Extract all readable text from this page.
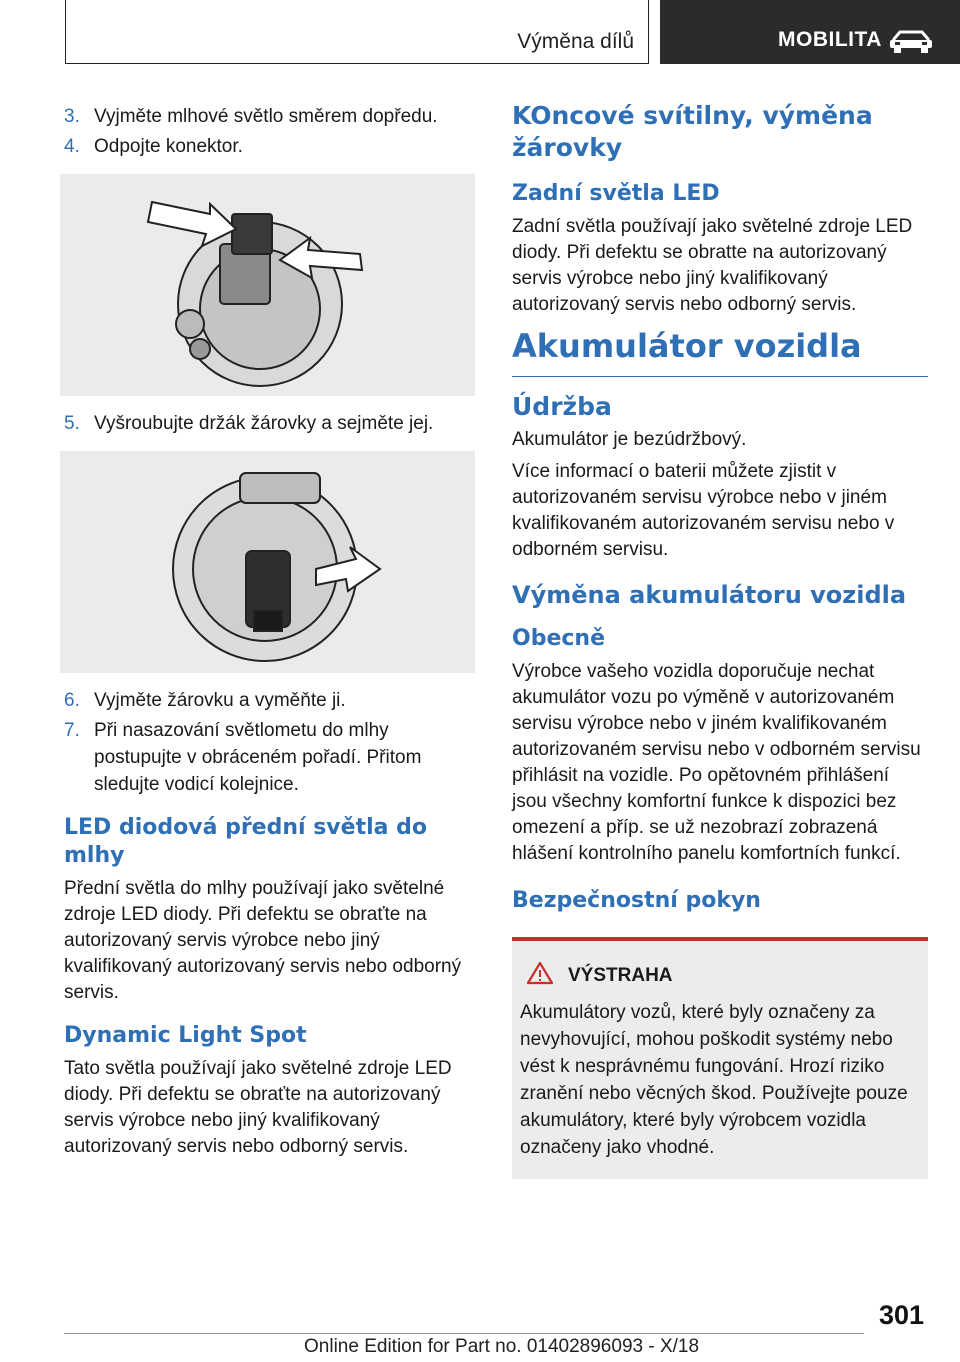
Výměna dílů	MOBILITA
3. Vyjměte mlhové světlo směrem dopředu.
4. Odpojte konektor.
5. Vyšroubujte držák žárovky a sejměte jej.
6. Vyjměte žárovku a vyměňte ji.
7. Při nasazování světlometu do mlhy postupujte v obráceném pořadí. Přitom sledujte vodicí kolejnice.
LED diodová přední světla do mlhy
Přední světla do mlhy používají jako světelné zdroje LED diody. Při defektu se obraťte na autorizovaný servis výrobce nebo jiný kvalifikovaný autorizovaný servis nebo odborný servis.
Dynamic Light Spot
Tato světla používají jako světelné zdroje LED diody. Při defektu se obraťte na autorizovaný servis výrobce nebo jiný kvalifikovaný autorizovaný servis nebo odborný servis.
KOncové svítilny, výměna žárovky
Zadní světla LED
Zadní světla používají jako světelné zdroje LED diody. Při defektu se obratte na autorizovaný servis výrobce nebo jiný kvalifikovaný autorizovaný servis nebo odborný servis.
Akumulátor vozidla
Údržba
Akumulátor je bezúdržbový.
Více informací o baterii můžete zjistit v autorizovaném servisu výrobce nebo v jiném kvalifikovaném autorizovaném servisu nebo v odborném servisu.
Výměna akumulátoru vozidla
Obecně
Výrobce vašeho vozidla doporučuje nechat akumulátor vozu po výměně v autorizovaném servisu výrobce nebo v jiném kvalifikovaném autorizovaném servisu nebo v odborném servisu přihlásit na vozidle. Po opětovném přihlášení jsou všechny komfortní funkce k dispozici bez omezení a příp. se už nezobrazí zobrazená hlášení kontrolního panelu komfortních funkcí.
Bezpečnostní pokyn
VÝSTRAHA
Akumulátory vozů, které byly označeny za nevyhovující, mohou poškodit systémy nebo vést k nesprávnému fungování. Hrozí riziko zranění nebo věcných škod. Používejte pouze akumulátory, které byly výrobcem vozidla označeny jako vhodné.
301
Online Edition for Part no. 01402896093 - X/18
